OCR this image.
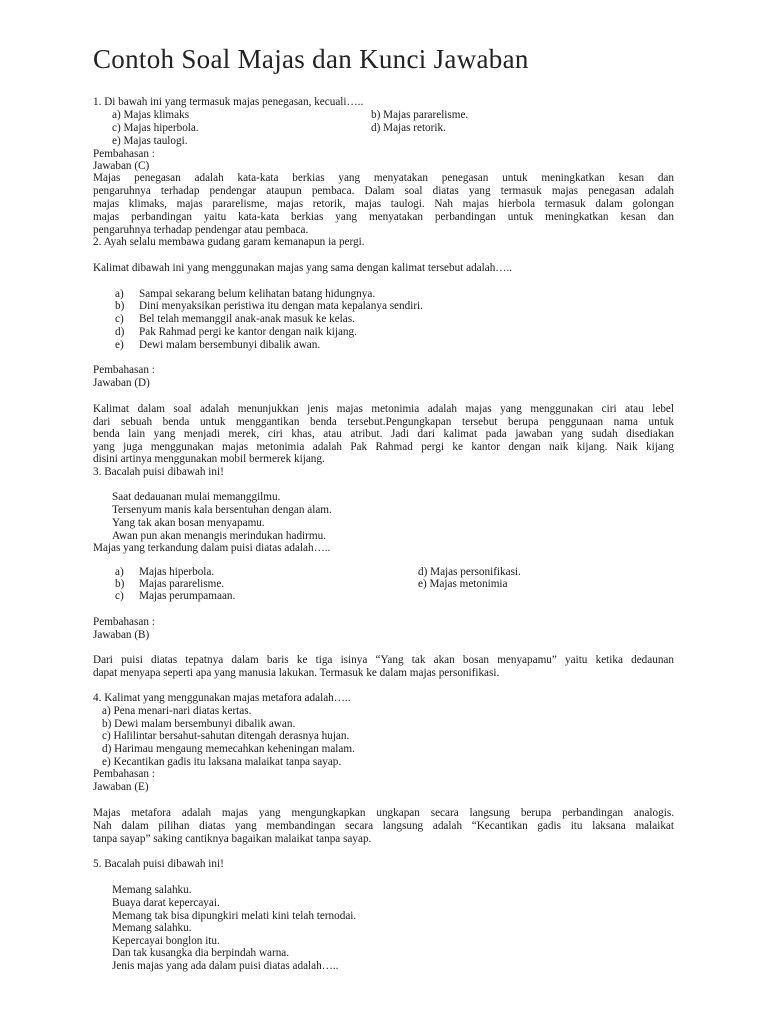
Contoh Soal Majas dan Kunci Jawaban
1. Di bawah ini yang termasuk majas penegasan, kecuali…..
a) Majas klimaks	b) Majas pararelisme.
c) Majas hiperbola.	d) Majas retorik.
e) Majas taulogi.
Pembahasan :
Jawaban (C)
Majas penegasan adalah kata-kata berkias yang menyatakan penegasan untuk meningkatkan kesan dan
pengaruhnya terhadap pendengar ataupun pembaca. Dalam soal diatas yang termasuk majas penegasan adalah
majas klimaks, majas pararelisme, majas retorik, majas taulogi. Nah majas hierbola termasuk dalam golongan
majas perbandingan yaitu kata-kata berkias yang menyatakan perbandingan untuk meningkatkan kesan dan
pengaruhnya terhadap pendengar atau pembaca.
2. Ayah selalu membawa gudang garam kemanapun ia pergi.
Kalimat dibawah ini yang menggunakan majas yang sama dengan kalimat tersebut adalah…..
a) Sampai sekarang belum kelihatan batang hidungnya.
b) Dini menyaksikan peristiwa itu dengan mata kepalanya sendiri.
c) Bel telah memanggil anak-anak masuk ke kelas.
d) Pak Rahmad pergi ke kantor dengan naik kijang.
e) Dewi malam bersembunyi dibalik awan.
Pembahasan :
Jawaban (D)
Kalimat dalam soal adalah menunjukkan jenis majas metonimia adalah majas yang menggunakan ciri atau lebel
dari sebuah benda untuk menggantikan benda tersebut.Pengungkapan tersebut berupa penggunaan nama untuk
benda lain yang menjadi merek, ciri khas, atau atribut. Jadi dari kalimat pada jawaban yang sudah disediakan
yang juga menggunakan majas metonimia adalah Pak Rahmad pergi ke kantor dengan naik kijang. Naik kijang
disini artinya menggunakan mobil bermerek kijang.
3. Bacalah puisi dibawah ini!
Saat dedauanan mulai memanggilmu.
Tersenyum manis kala bersentuhan dengan alam.
Yang tak akan bosan menyapamu.
Awan pun akan menangis merindukan hadirmu.
Majas yang terkandung dalam puisi diatas adalah…..
a) Majas hiperbola.	d) Majas personifikasi.
b) Majas pararelisme.	e) Majas metonimia
c) Majas perumpamaan.
Pembahasan :
Jawaban (B)
Dari puisi diatas tepatnya dalam baris ke tiga isinya “Yang tak akan bosan menyapamu” yaitu ketika dedaunan
dapat menyapa seperti apa yang manusia lakukan. Termasuk ke dalam majas personifikasi.
4. Kalimat yang menggunakan majas metafora adalah…..
a) Pena menari-nari diatas kertas.
b) Dewi malam bersembunyi dibalik awan.
c) Halilintar bersahut-sahutan ditengah derasnya hujan.
d) Harimau mengaung memecahkan keheningan malam.
e) Kecantikan gadis itu laksana malaikat tanpa sayap.
Pembahasan :
Jawaban (E)
Majas metafora adalah majas yang mengungkapkan ungkapan secara langsung berupa perbandingan analogis.
Nah dalam pilihan diatas yang membandingan secara langsung adalah “Kecantikan gadis itu laksana malaikat
tanpa sayap” saking cantiknya bagaikan malaikat tanpa sayap.
5. Bacalah puisi dibawah ini!
Memang salahku.
Buaya darat kepercayai.
Memang tak bisa dipungkiri melati kini telah ternodai.
Memang salahku.
Kepercayai bonglon itu.
Dan tak kusangka dia berpindah warna.
Jenis majas yang ada dalam puisi diatas adalah…..
